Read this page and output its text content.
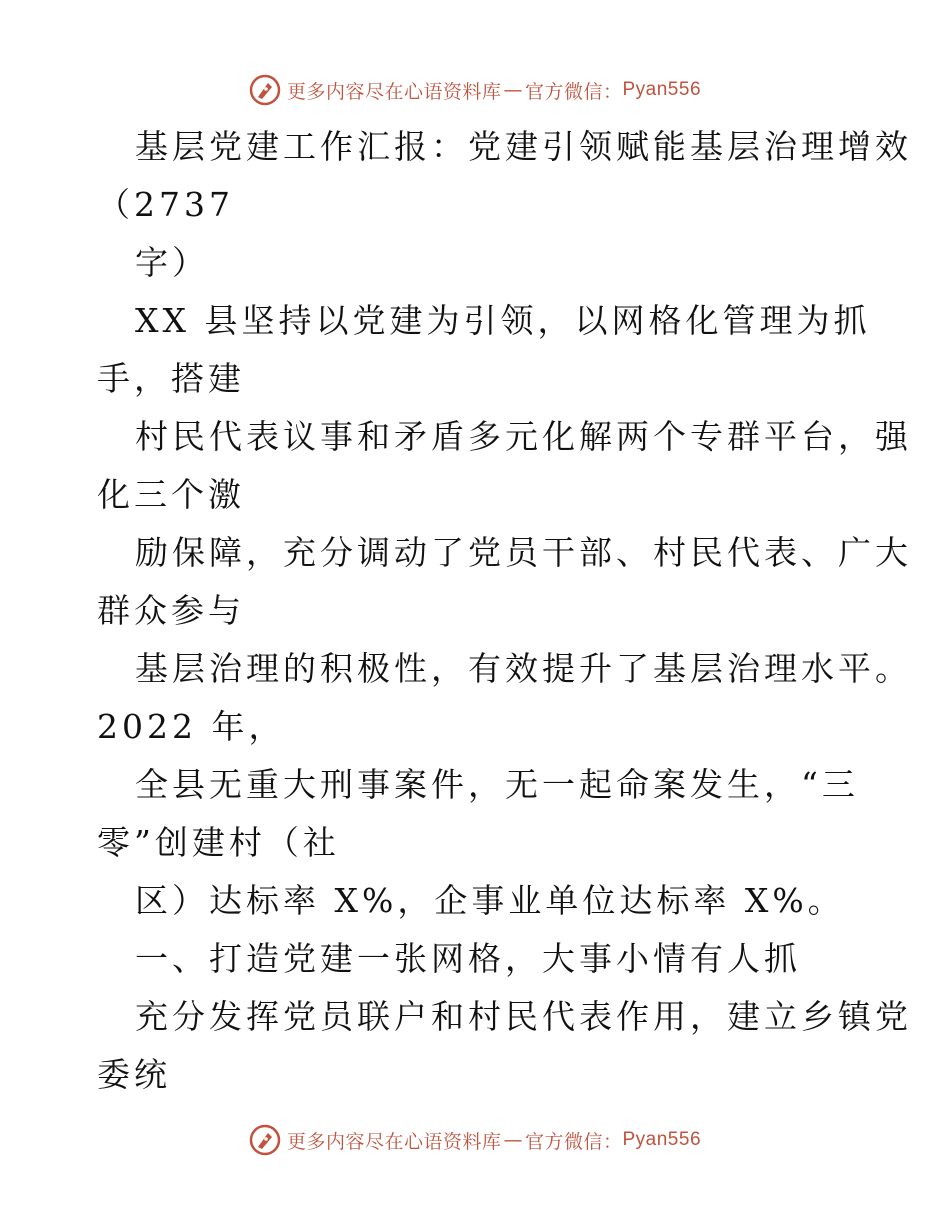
更多内容尽在心语资料库 — 官方微信： Pyan556
基层党建工作汇报：党建引领赋能基层治理增效
（2737
字）
XX 县坚持以党建为引领，以网格化管理为抓
手，搭建
村民代表议事和矛盾多元化解两个专群平台，强
化三个激
励保障，充分调动了党员干部、村民代表、广大
群众参与
基层治理的积极性，有效提升了基层治理水平。
2022 年，
全县无重大刑事案件，无一起命案发生，“三
零”创建村（社
区）达标率 X%，企事业单位达标率 X%。
一、打造党建一张网格，大事小情有人抓
充分发挥党员联户和村民代表作用，建立乡镇党
委统
更多内容尽在心语资料库 — 官方微信： Pyan556
